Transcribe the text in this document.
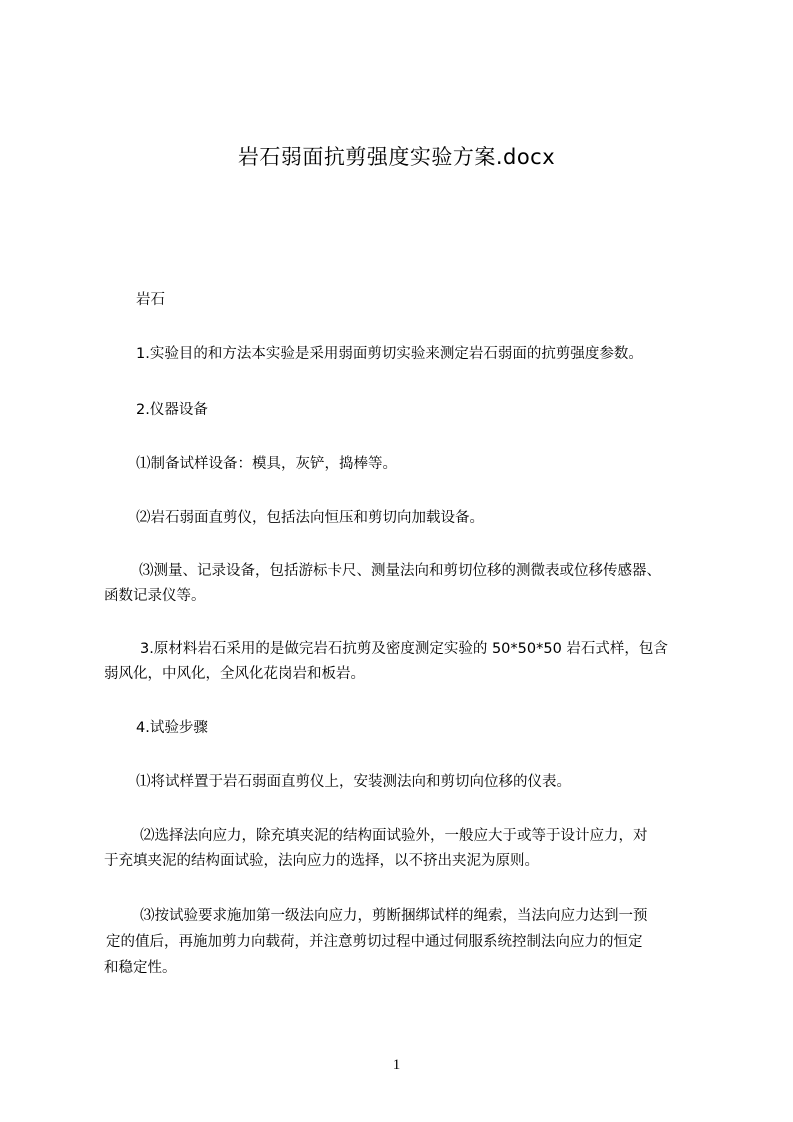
岩石弱面抗剪强度实验方案.docx
岩石
1.实验目的和方法本实验是采用弱面剪切实验来测定岩石弱面的抗剪强度参数。
2.仪器设备
⑴制备试样设备：模具，灰铲，捣棒等。
⑵岩石弱面直剪仪，包括法向恒压和剪切向加载设备。
⑶测量、记录设备，包括游标卡尺、测量法向和剪切位移的测微表或位移传感器、
函数记录仪等。
3.原材料岩石采用的是做完岩石抗剪及密度测定实验的 50*50*50 岩石式样，包含
弱风化，中风化，全风化花岗岩和板岩。
4.试验步骤
⑴将试样置于岩石弱面直剪仪上，安装测法向和剪切向位移的仪表。
⑵选择法向应力，除充填夹泥的结构面试验外，一般应大于或等于设计应力，对
于充填夹泥的结构面试验，法向应力的选择，以不挤出夹泥为原则。
⑶按试验要求施加第一级法向应力，剪断捆绑试样的绳索，当法向应力达到一预
定的值后，再施加剪力向载荷，并注意剪切过程中通过伺服系统控制法向应力的恒定
和稳定性。
1
